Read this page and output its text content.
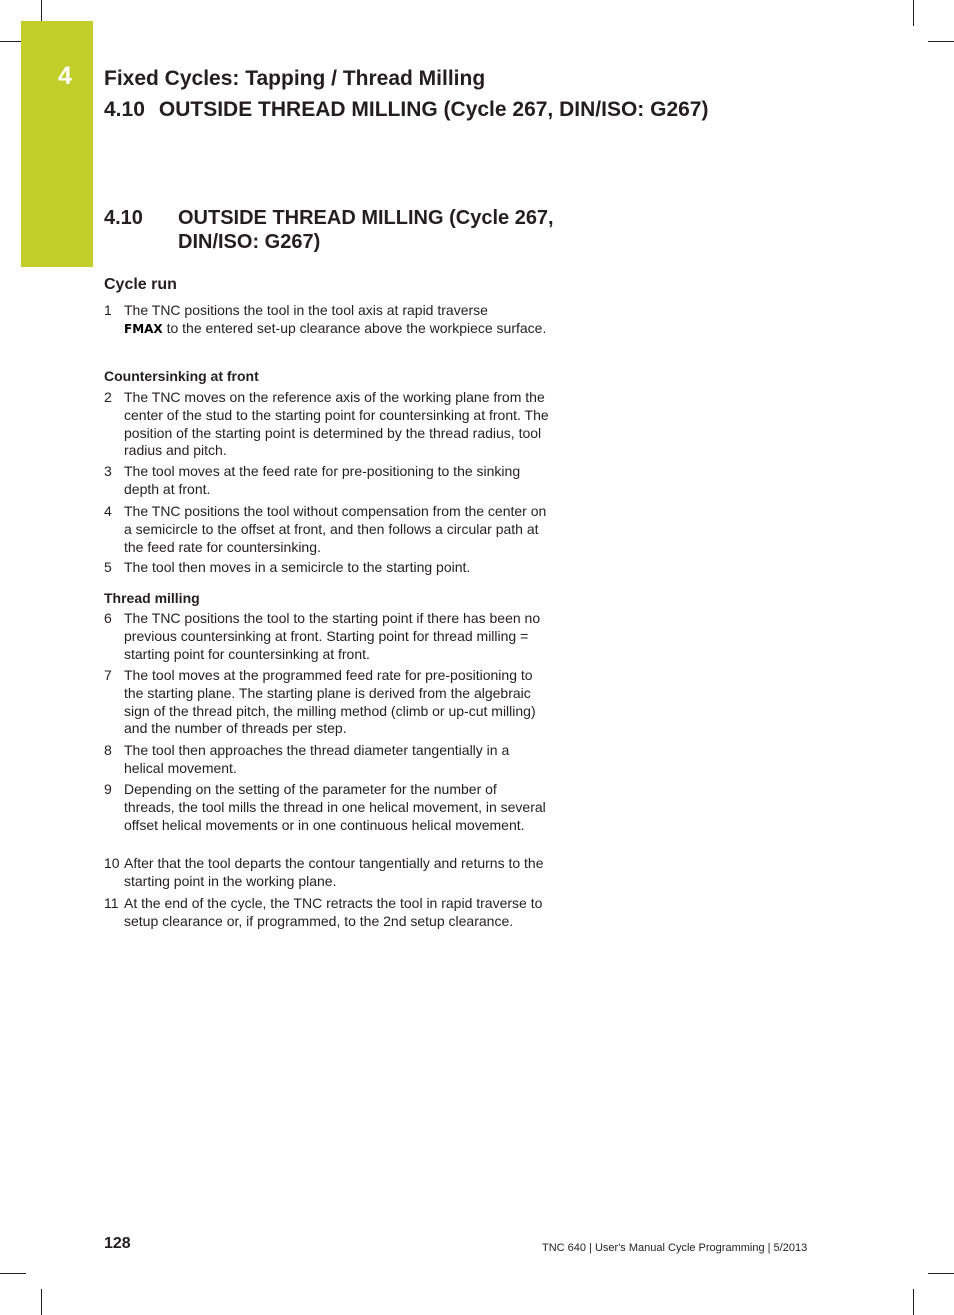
4 Fixed Cycles: Tapping / Thread Milling
4.10 OUTSIDE THREAD MILLING (Cycle 267, DIN/ISO: G267)
4.10 OUTSIDE THREAD MILLING (Cycle 267,
DIN/ISO: G267)
Cycle run
1 The TNC positions the tool in the tool axis at rapid traverse
FMAX to the entered set-up clearance above the workpiece surface.
Countersinking at front
2 The TNC moves on the reference axis of the working plane from the center of the stud to the starting point for countersinking at front. The position of the starting point is determined by the thread radius, tool radius and pitch.
3 The tool moves at the feed rate for pre-positioning to the sinking depth at front.
4 The TNC positions the tool without compensation from the center on a semicircle to the offset at front, and then follows a circular path at the feed rate for countersinking.
5 The tool then moves in a semicircle to the starting point.
Thread milling
6 The TNC positions the tool to the starting point if there has been no previous countersinking at front. Starting point for thread milling = starting point for countersinking at front.
7 The tool moves at the programmed feed rate for pre-positioning to the starting plane. The starting plane is derived from the algebraic sign of the thread pitch, the milling method (climb or up-cut milling) and the number of threads per step.
8 The tool then approaches the thread diameter tangentially in a helical movement.
9 Depending on the setting of the parameter for the number of threads, the tool mills the thread in one helical movement, in several offset helical movements or in one continuous helical movement.
10 After that the tool departs the contour tangentially and returns to the starting point in the working plane.
11 At the end of the cycle, the TNC retracts the tool in rapid traverse to setup clearance or, if programmed, to the 2nd setup clearance.
128	TNC 640 | User's Manual Cycle Programming | 5/2013
